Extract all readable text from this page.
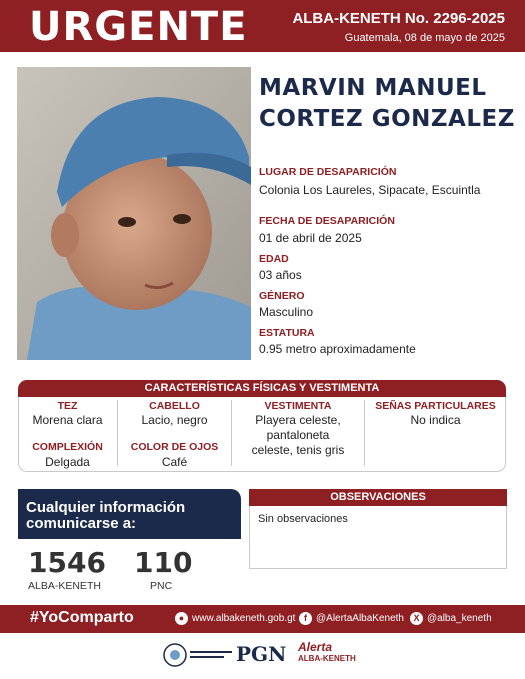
URGENTE	ALBA-KENETH No. 2296-2025
Guatemala, 08 de mayo de 2025
MARVIN MANUEL
CORTEZ GONZALEZ
LUGAR DE DESAPARICIÓN
Colonia Los Laureles, Sipacate, Escuintla
FECHA DE DESAPARICIÓN
01 de abril de 2025
EDAD
03 años
GÉNERO
Masculino
ESTATURA
0.95 metro aproximadamente
CARACTERÍSTICAS FÍSICAS Y VESTIMENTA
TEZ
Morena clara
COMPLEXIÓN
Delgada
CABELLO
Lacio, negro
COLOR DE OJOS
Café
VESTIMENTA
Playera celeste,
pantaloneta
celeste, tenis gris
SEÑAS PARTICULARES
No indica
Cualquier información
comunicarse a:
1546
ALBA-KENETH
110
PNC
OBSERVACIONES
Sin observaciones
#YoComparto	● www.albakeneth.gob.gt f @AlertaAlbaKeneth	X @alba_keneth
PGN Alerta
ALBA-KENETH
